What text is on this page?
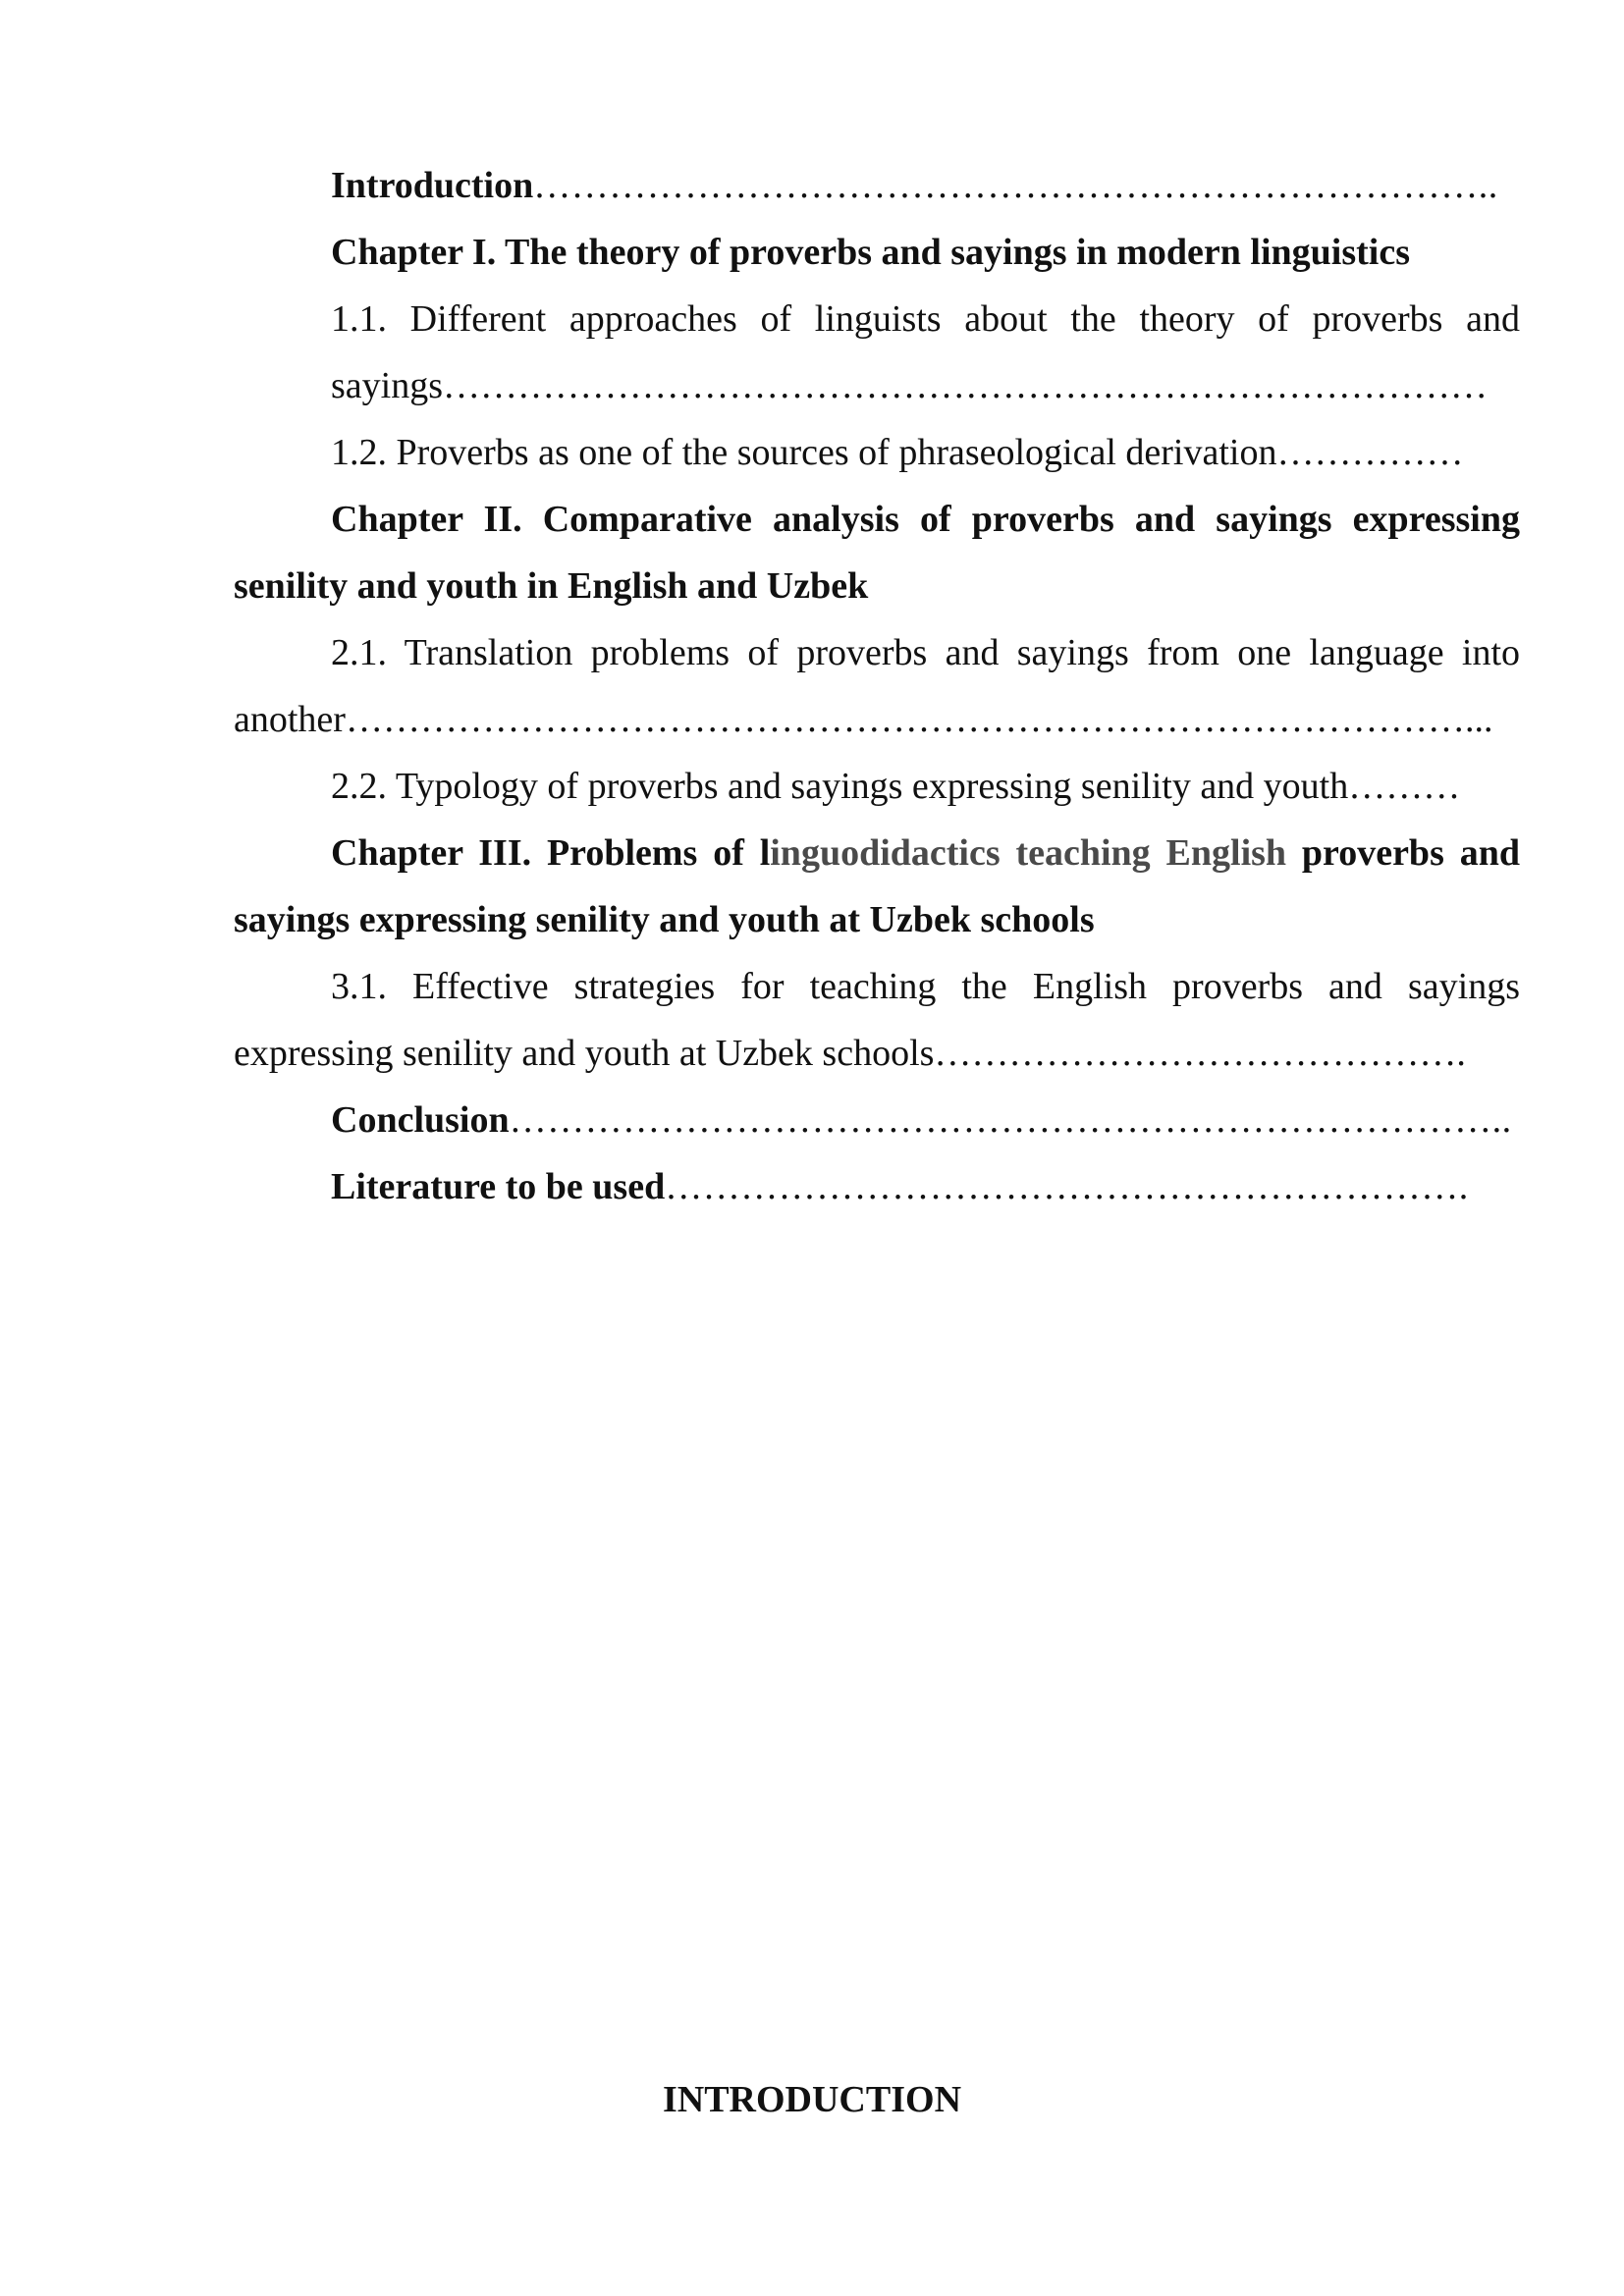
Introduction…………………………………………………………………..
Chapter I. The theory of proverbs and sayings in modern linguistics
1.1. Different approaches of linguists about the theory of proverbs and
sayings…………………………………………………………………………
1.2. Proverbs as one of the sources of phraseological derivation……………
Chapter II. Comparative analysis of proverbs and sayings expressing
senility and youth in English and Uzbek
2.1. Translation problems of proverbs and sayings from one language into
another………………………………………………………………………………...
2.2. Typology of proverbs and sayings expressing senility and youth………
Chapter III. Problems of linguodidactics teaching English proverbs and
sayings expressing senility and youth at Uzbek schools
3.1. Effective strategies for teaching the English proverbs and sayings
expressing senility and youth at Uzbek schools…………………………………….
Conclusion……………………………………………………………………..
Literature to be used……………………………………………………….
INTRODUCTION
